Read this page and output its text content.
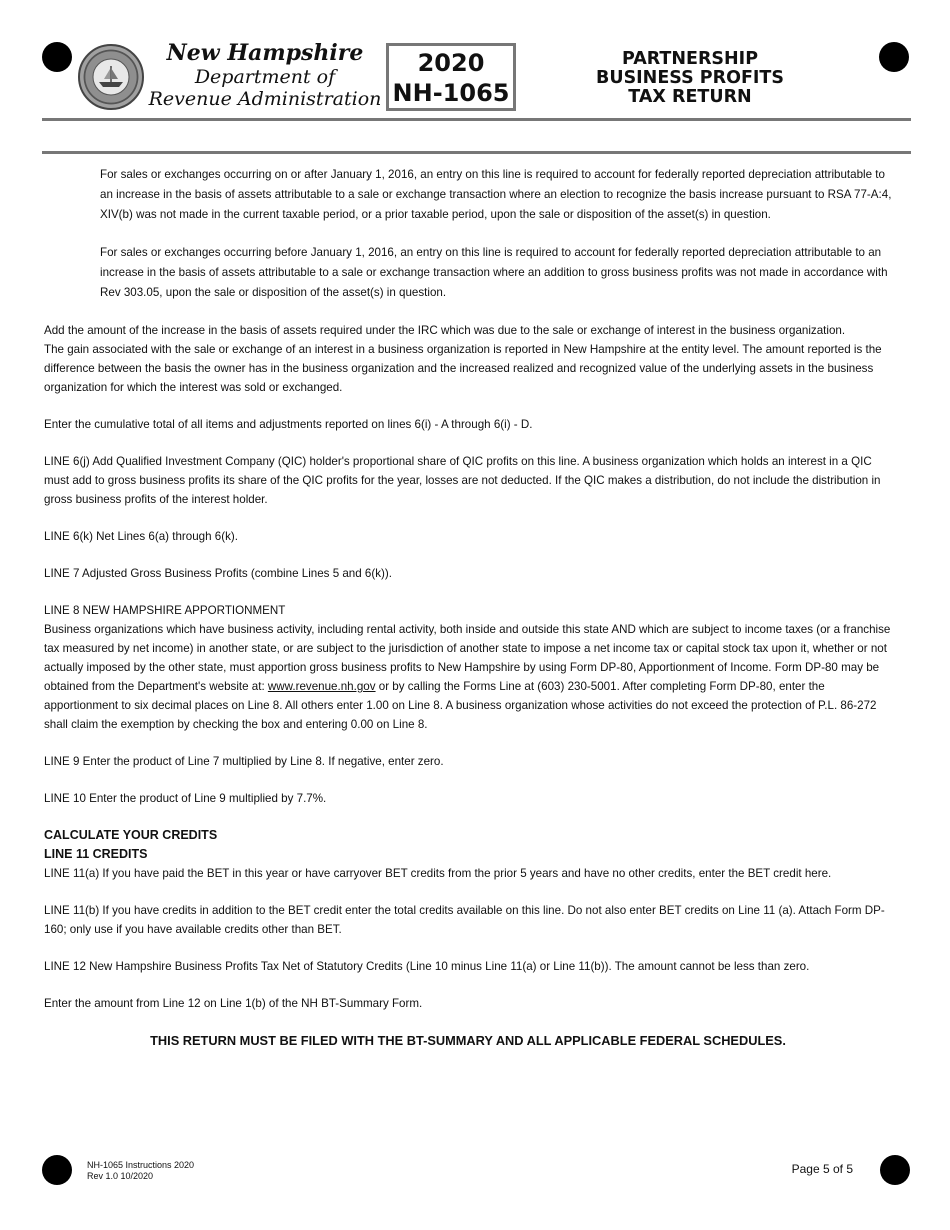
New Hampshire
Department of
Revenue Administration
2020
NH-1065
PARTNERSHIP
BUSINESS PROFITS
TAX RETURN

For sales or exchanges occurring on or after January 1, 2016, an entry on this line is required to account for federally reported depreciation attributable to an increase in the basis of assets attributable to a sale or exchange transaction where an election to recognize the basis increase pursuant to RSA 77-A:4, XIV(b) was not made in the current taxable period, or a prior taxable period, upon the sale or disposition of the asset(s) in question.

For sales or exchanges occurring before January 1, 2016, an entry on this line is required to account for federally reported depreciation attributable to an increase in the basis of assets attributable to a sale or exchange transaction where an addition to gross business profits was not made in accordance with Rev 303.05, upon the sale or disposition of the asset(s) in question.

Add the amount of the increase in the basis of assets required under the IRC which was due to the sale or exchange of interest in the business organization.
The gain associated with the sale or exchange of an interest in a business organization is reported in New Hampshire at the entity level. The amount reported is the difference between the basis the owner has in the business organization and the increased realized and recognized value of the underlying assets in the business organization for which the interest was sold or exchanged.

Enter the cumulative total of all items and adjustments reported on lines 6(i) - A through 6(i) - D.

LINE 6(j) Add Qualified Investment Company (QIC) holder's proportional share of QIC profits on this line. A business organization which holds an interest in a QIC must add to gross business profits its share of the QIC profits for the year, losses are not deducted. If the QIC makes a distribution, do not include the distribution in gross business profits of the interest holder.

LINE 6(k) Net Lines 6(a) through 6(k).

LINE 7 Adjusted Gross Business Profits (combine Lines 5 and 6(k)).

LINE 8 NEW HAMPSHIRE APPORTIONMENT
Business organizations which have business activity, including rental activity, both inside and outside this state AND which are subject to income taxes (or a franchise tax measured by net income) in another state, or are subject to the jurisdiction of another state to impose a net income tax or capital stock tax upon it, whether or not actually imposed by the other state, must apportion gross business profits to New Hampshire by using Form DP-80, Apportionment of Income. Form DP-80 may be obtained from the Department's website at: www.revenue.nh.gov or by calling the Forms Line at (603) 230-5001. After completing Form DP-80, enter the apportionment to six decimal places on Line 8. All others enter 1.00 on Line 8. A business organization whose activities do not exceed the protection of P.L. 86-272 shall claim the exemption by checking the box and entering 0.00 on Line 8.

LINE 9 Enter the product of Line 7 multiplied by Line 8. If negative, enter zero.

LINE 10 Enter the product of Line 9 multiplied by 7.7%.

CALCULATE YOUR CREDITS
LINE 11 CREDITS

LINE 11(a) If you have paid the BET in this year or have carryover BET credits from the prior 5 years and have no other credits, enter the BET credit here.

LINE 11(b) If you have credits in addition to the BET credit enter the total credits available on this line. Do not also enter BET credits on Line 11 (a). Attach Form DP-160; only use if you have available credits other than BET.

LINE 12 New Hampshire Business Profits Tax Net of Statutory Credits (Line 10 minus Line 11(a) or Line 11(b)). The amount cannot be less than zero.

Enter the amount from Line 12 on Line 1(b) of the NH BT-Summary Form.

THIS RETURN MUST BE FILED WITH THE BT-SUMMARY AND ALL APPLICABLE FEDERAL SCHEDULES.
NH-1065 Instructions 2020
Rev 1.0 10/2020	Page 5 of 5
